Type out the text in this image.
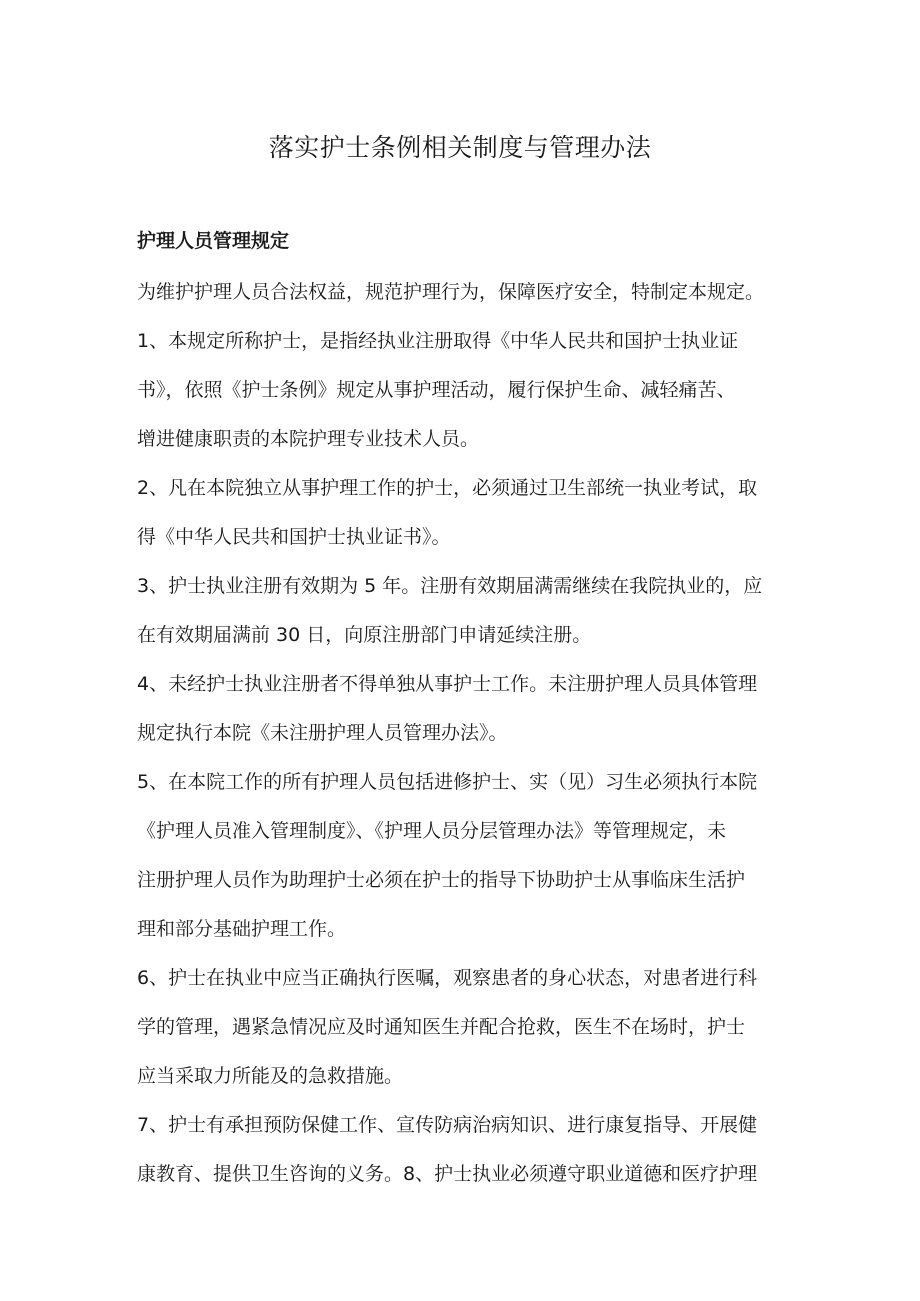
落实护士条例相关制度与管理办法
护理人员管理规定

为维护护理人员合法权益，规范护理行为，保障医疗安全，特制定本规定。

1、本规定所称护士，是指经执业注册取得《中华人民共和国护士执业证
书》，依照《护士条例》规定从事护理活动，履行保护生命、减轻痛苦、
增进健康职责的本院护理专业技术人员。

2、凡在本院独立从事护理工作的护士，必须通过卫生部统一执业考试，取
得《中华人民共和国护士执业证书》。

3、护士执业注册有效期为 5 年。注册有效期届满需继续在我院执业的，应
在有效期届满前 30 日，向原注册部门申请延续注册。

4、未经护士执业注册者不得单独从事护士工作。未注册护理人员具体管理
规定执行本院《未注册护理人员管理办法》。

5、在本院工作的所有护理人员包括进修护士、实（见）习生必须执行本院
《护理人员准入管理制度》、《护理人员分层管理办法》等管理规定，未
注册护理人员作为助理护士必须在护士的指导下协助护士从事临床生活护
理和部分基础护理工作。

6、护士在执业中应当正确执行医嘱，观察患者的身心状态，对患者进行科
学的管理，遇紧急情况应及时通知医生并配合抢救，医生不在场时，护士
应当采取力所能及的急救措施。

7、护士有承担预防保健工作、宣传防病治病知识、进行康复指导、开展健
康教育、提供卫生咨询的义务。8、护士执业必须遵守职业道德和医疗护理
